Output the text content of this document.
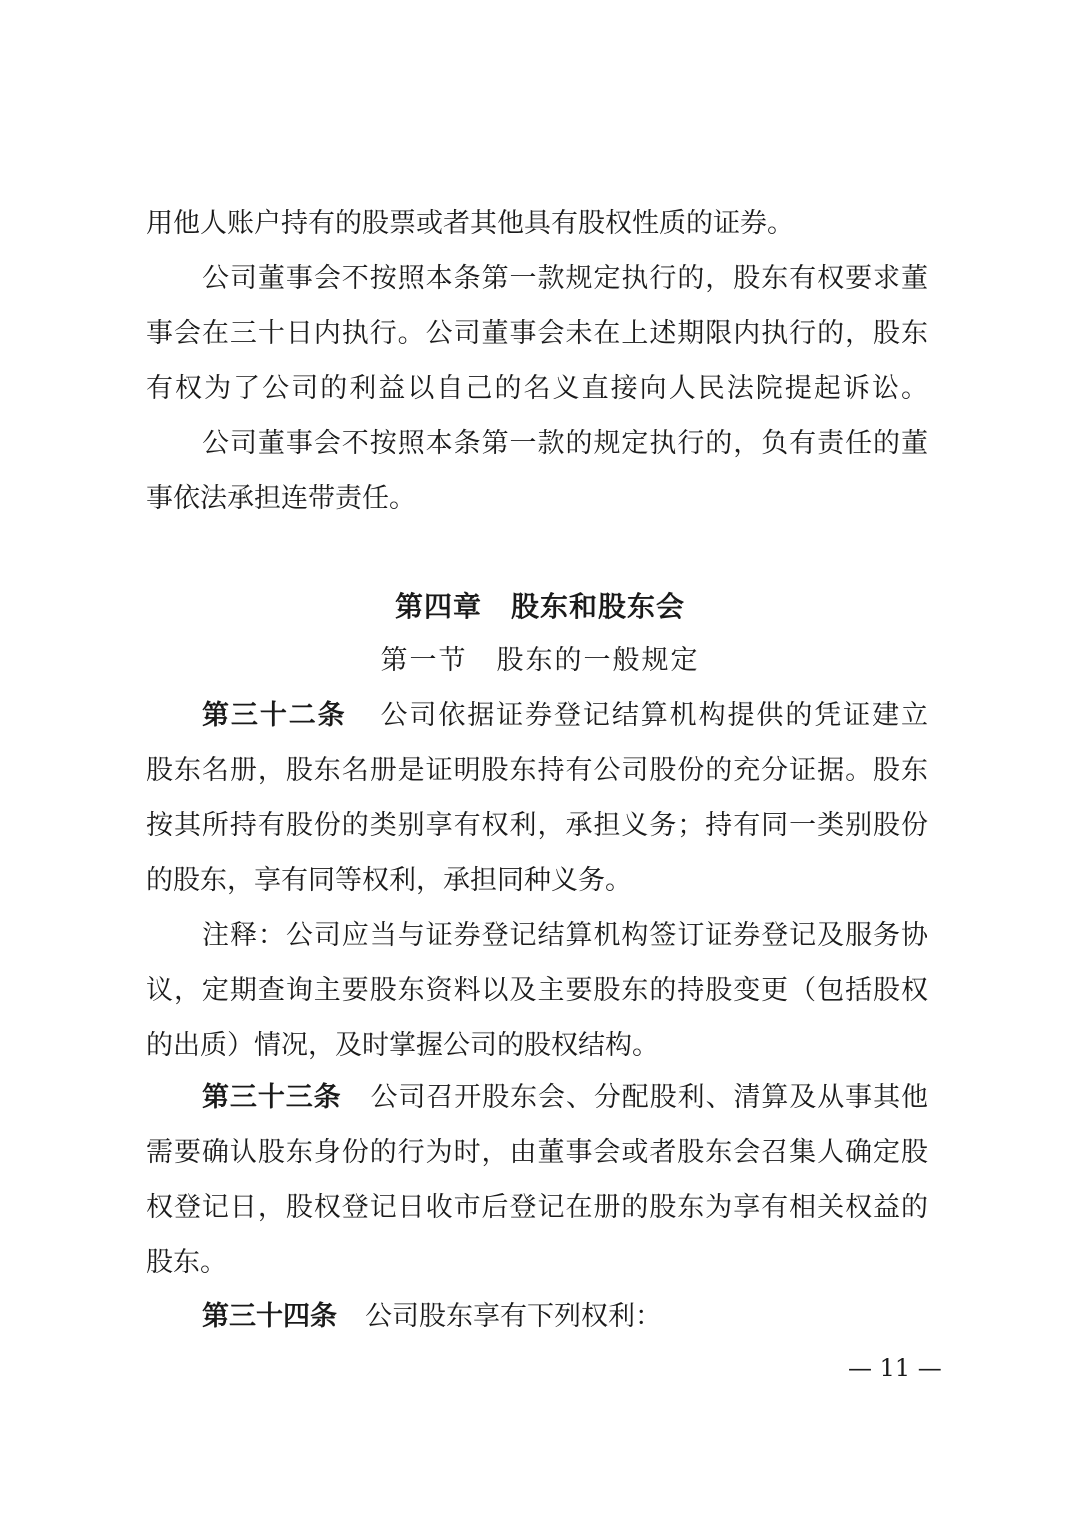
用他人账户持有的股票或者其他具有股权性质的证券。
公司董事会不按照本条第一款规定执行的，股东有权要求董
事会在三十日内执行。公司董事会未在上述期限内执行的，股东
有权为了公司的利益以自己的名义直接向人民法院提起诉讼。
公司董事会不按照本条第一款的规定执行的，负有责任的董
事依法承担连带责任。
第四章　股东和股东会
第一节　股东的一般规定
第三十二条 公司依据证券登记结算机构提供的凭证建立
股东名册，股东名册是证明股东持有公司股份的充分证据。股东
按其所持有股份的类别享有权利，承担义务；持有同一类别股份
的股东，享有同等权利，承担同种义务。
注释：公司应当与证券登记结算机构签订证券登记及服务协
议，定期查询主要股东资料以及主要股东的持股变更（包括股权
的出质）情况，及时掌握公司的股权结构。
第三十三条 公司召开股东会、分配股利、清算及从事其他
需要确认股东身份的行为时，由董事会或者股东会召集人确定股
权登记日，股权登记日收市后登记在册的股东为享有相关权益的
股东。
第三十四条 公司股东享有下列权利：
— 11 —
